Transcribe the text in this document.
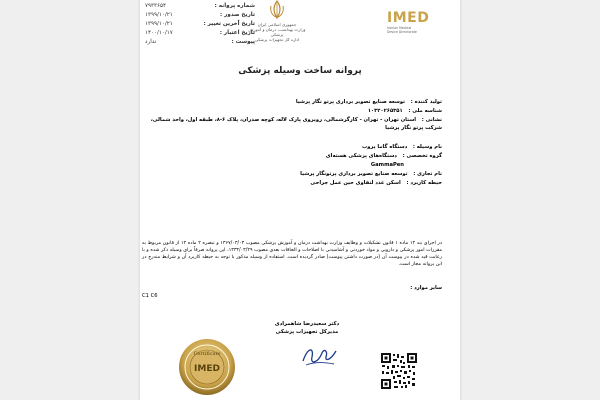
شماره پروانه :
۷۹۳۳۶۵۴
تاریخ صدور :
۱۳۹۹/۱۰/۲۱
تاریخ آخرین تغییر :
۱۳۹۹/۱۰/۲۱
تاریخ اعتبار :
۱۴۰۰/۱۰/۱۷
پیوست :
ندارد
جمهوری اسلامی ایران
وزارت بهداشت، درمان و آموزش پزشکی
اداره کل تجهیزات پزشکی
IMED
Iranian Medical
Device Directorate
پروانه ساخت وسیله پزشکی
تولید کننده : توسعه صنایع تصویر برداری پرتو نگار پرشیا
شناسه ملی : ۱۰۳۲۰۲۶۵۳۵۱
نشانی : استان تهران - تهران - کارگرشمالی، روبروی پارک لاله، کوچه صدران، پلاک ۶-۸، طبقه اول، واحد شمالی، شرکت پرتو نگار پرشیا
نام وسیله : دستگاه گاما پروب
گروه تخصصی : دستگاه‌های پزشکی هسته‌ای
GammaPen
نام تجاری : توسعه صنایع تصویر برداری پرتونگار پرشیا
حیطه کاربرد : اسکن غدد لنفاوی حین عمل جراحی
در اجرای بند ۱۴ ماده ۱ قانون تشکیلات و وظایف وزارت بهداشت درمان و آموزش پزشکی مصوب ۱۳۶۷/۰۳/۰۳ و تبصره ۲ ماده ۱۴ از قانون مربوط به مقررات امور پزشکی و دارویی و مواد خوردنی و آشامیدنی با اصلاحات و الحاقات بعدی مصوب ۱۳۳۴/۰۳/۲۹، این پروانه صرفاً برای وسیله ذکر شده و با رعایت قید شده در پیوست آن (در صورت داشتن پیوست) صادر گردیده است. استفاده از وسیله مذکور با توجه به حیطه کاربرد آن و شرایط مندرج در این پروانه مجاز است.
سایر موارد :
C1 C6
دکتر سعیدرضا شاهمرادی
مدیرکل تجهیزات پزشکی
Certificate
IMED
